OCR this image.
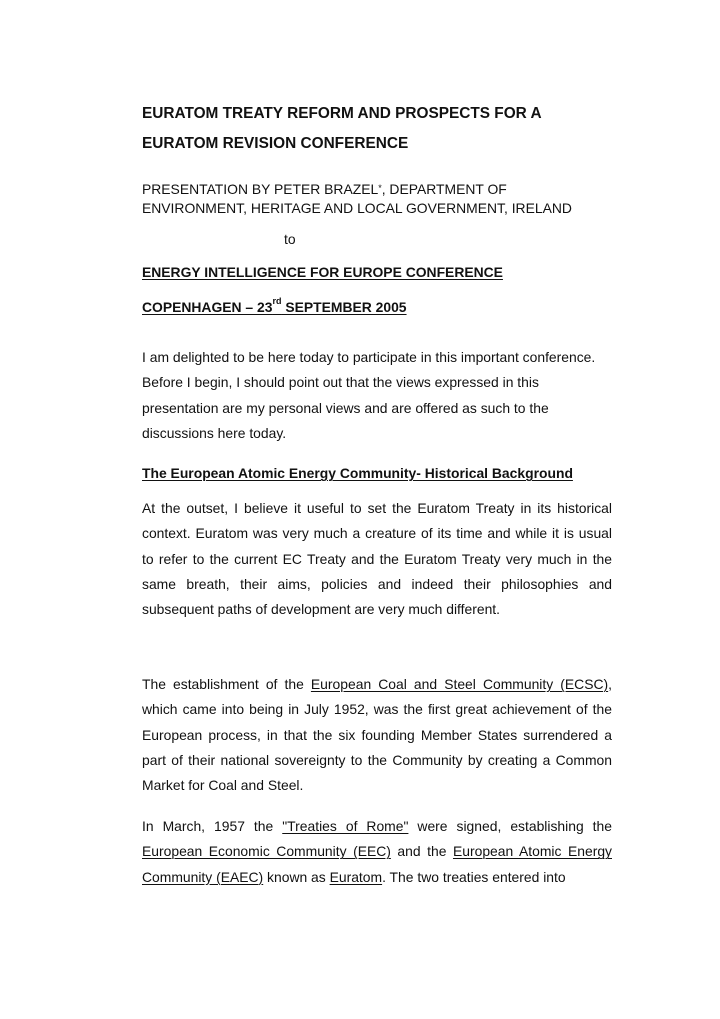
EURATOM TREATY REFORM AND PROSPECTS FOR A
EURATOM REVISION CONFERENCE
PRESENTATION BY PETER BRAZEL*, DEPARTMENT OF
ENVIRONMENT, HERITAGE AND LOCAL GOVERNMENT, IRELAND
to
ENERGY INTELLIGENCE FOR EUROPE CONFERENCE
COPENHAGEN – 23rd SEPTEMBER 2005
I am delighted to be here today to participate in this important conference. Before I begin, I should point out that the views expressed in this presentation are my personal views and are offered as such to the discussions here today.
The European Atomic Energy Community- Historical Background
At the outset, I believe it useful to set the Euratom Treaty in its historical context. Euratom was very much a creature of its time and while it is usual to refer to the current EC Treaty and the Euratom Treaty very much in the same breath, their aims, policies and indeed their philosophies and subsequent paths of development are very much different.
The establishment of the European Coal and Steel Community (ECSC), which came into being in July 1952, was the first great achievement of the European process, in that the six founding Member States surrendered a part of their national sovereignty to the Community by creating a Common Market for Coal and Steel.
In March, 1957 the "Treaties of Rome" were signed, establishing the European Economic Community (EEC) and the European Atomic Energy Community (EAEC) known as Euratom. The two treaties entered into
